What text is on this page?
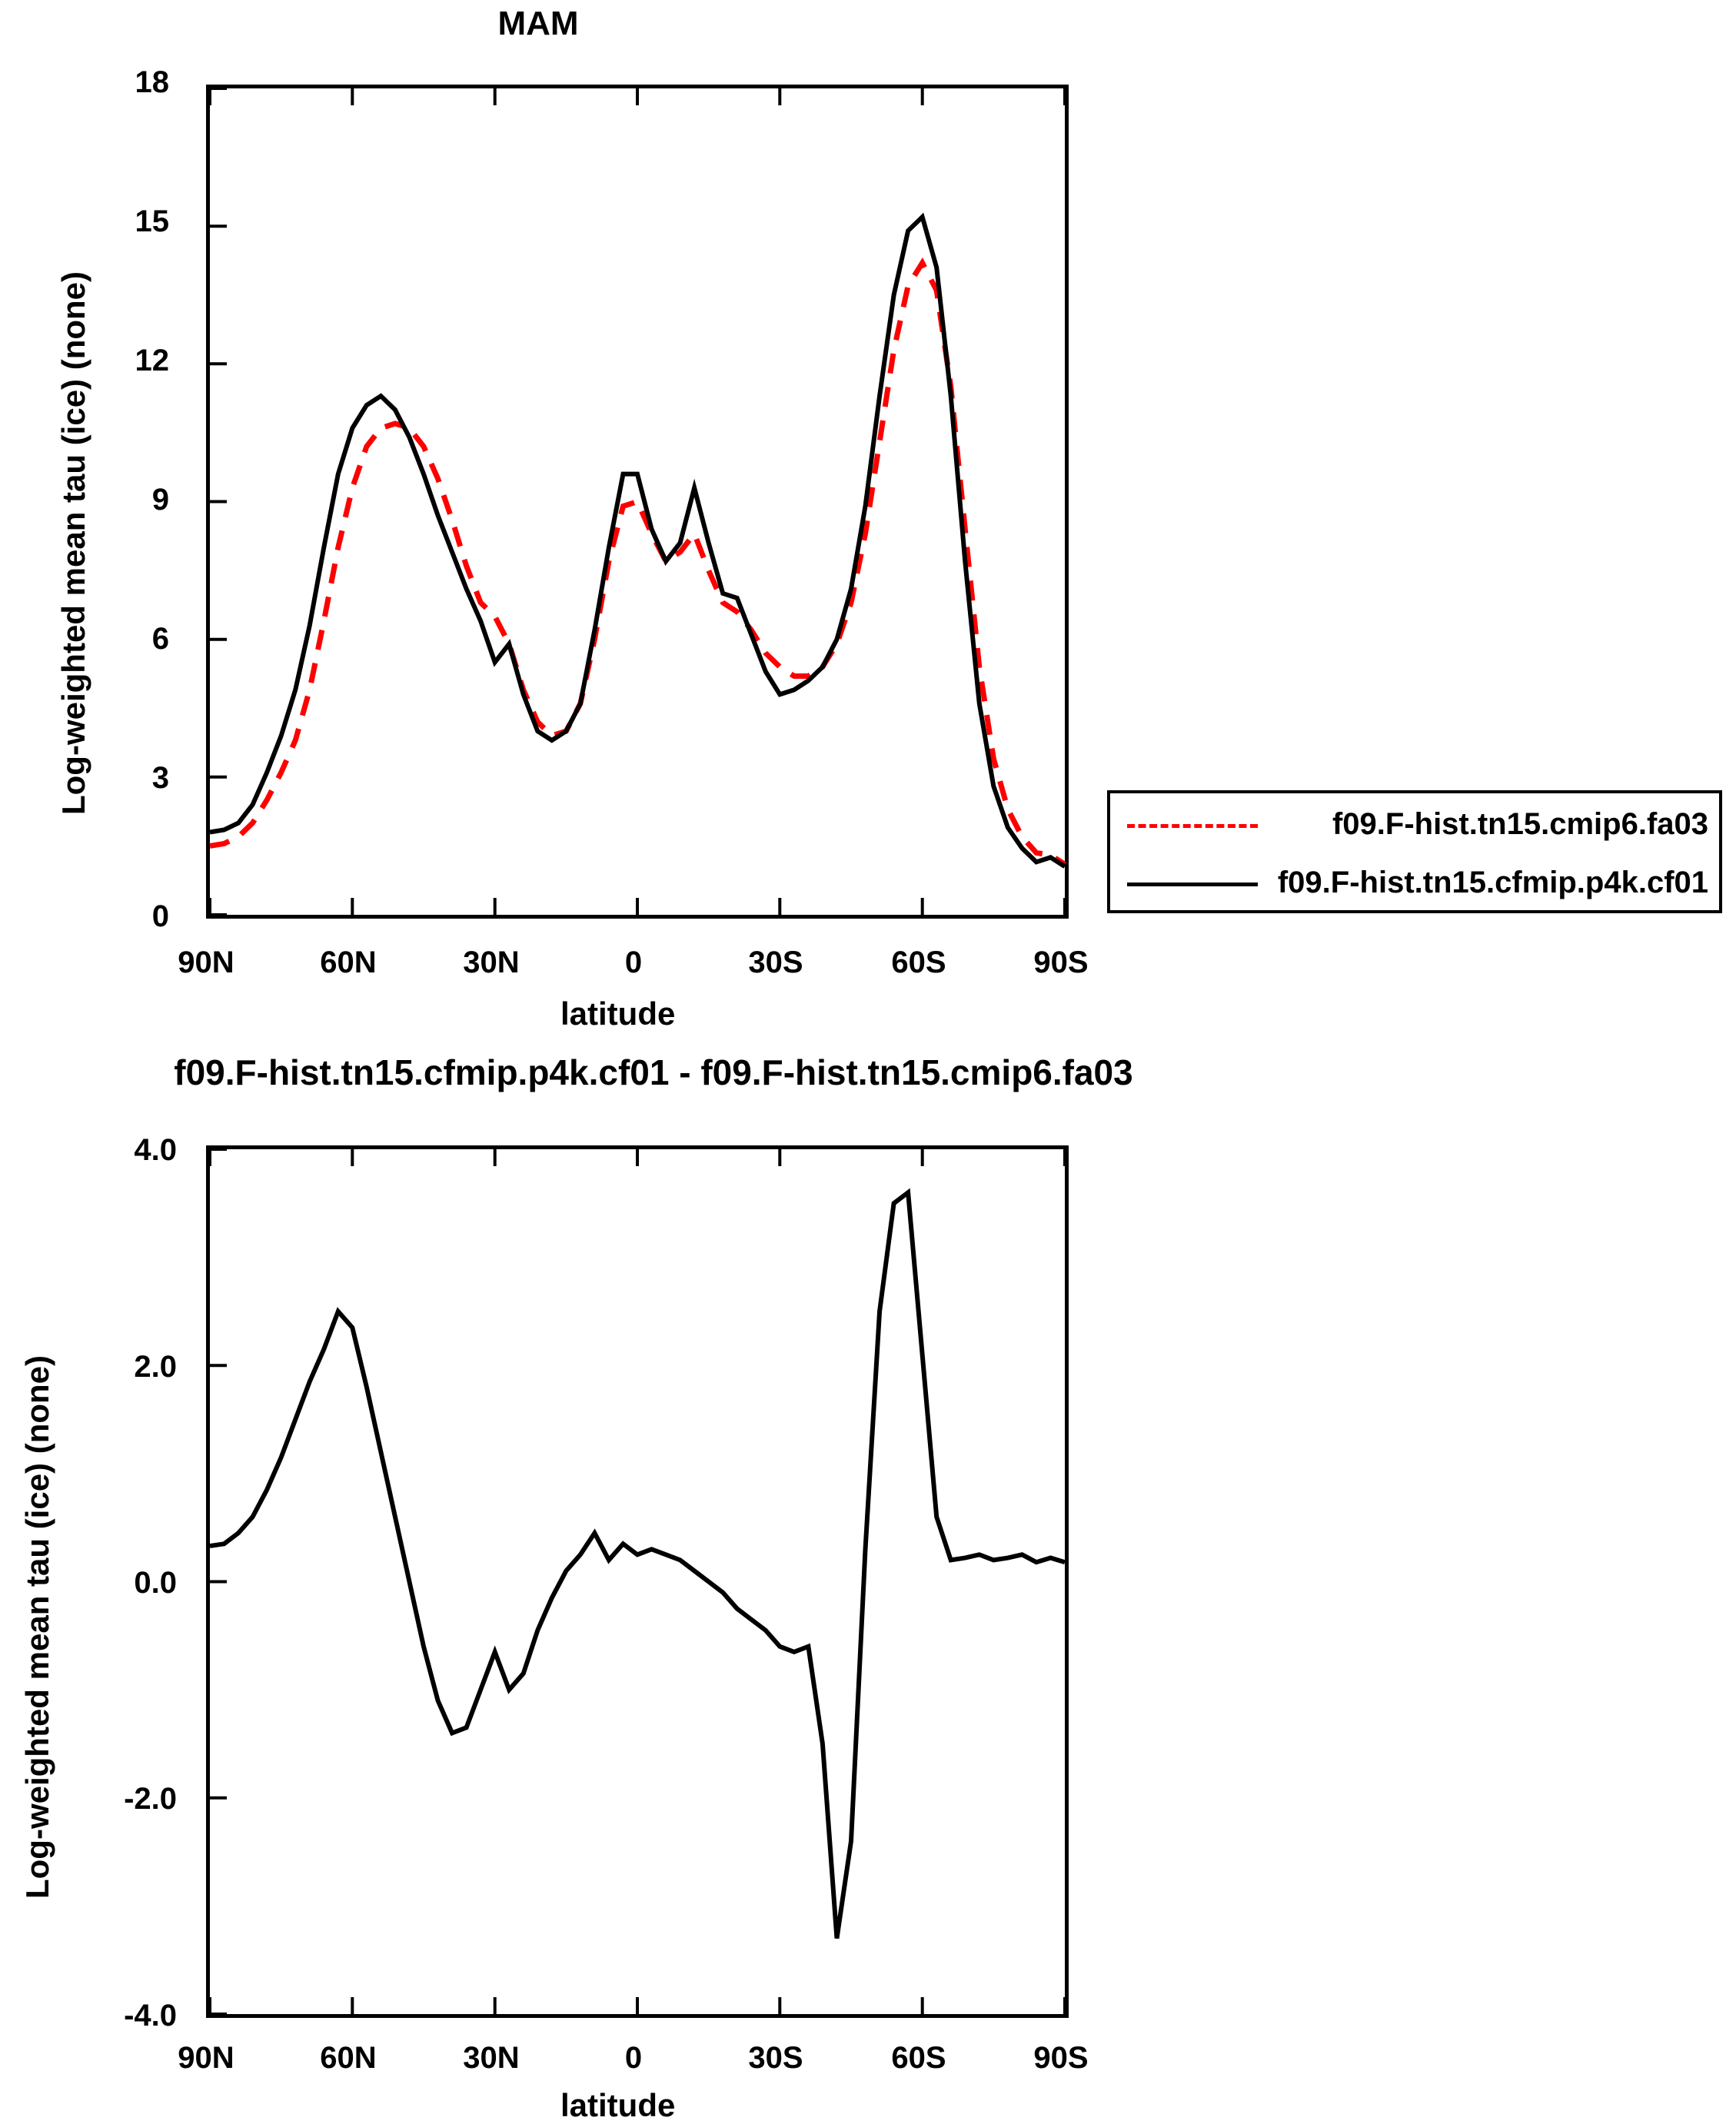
MAM
0
3
6
9
12
15
18
Log-weighted mean tau (ice) (none)
90N	60N	30N	0	30S	60S	90S
latitude
f09.F-hist.tn15.cmip6.fa03
f09.F-hist.tn15.cfmip.p4k.cf01
f09.F-hist.tn15.cfmip.p4k.cf01 - f09.F-hist.tn15.cmip6.fa03
-4.0
-2.0
0.0
2.0
4.0
Log-weighted mean tau (ice) (none)
90N	60N	30N	0	30S	60S	90S
latitude
